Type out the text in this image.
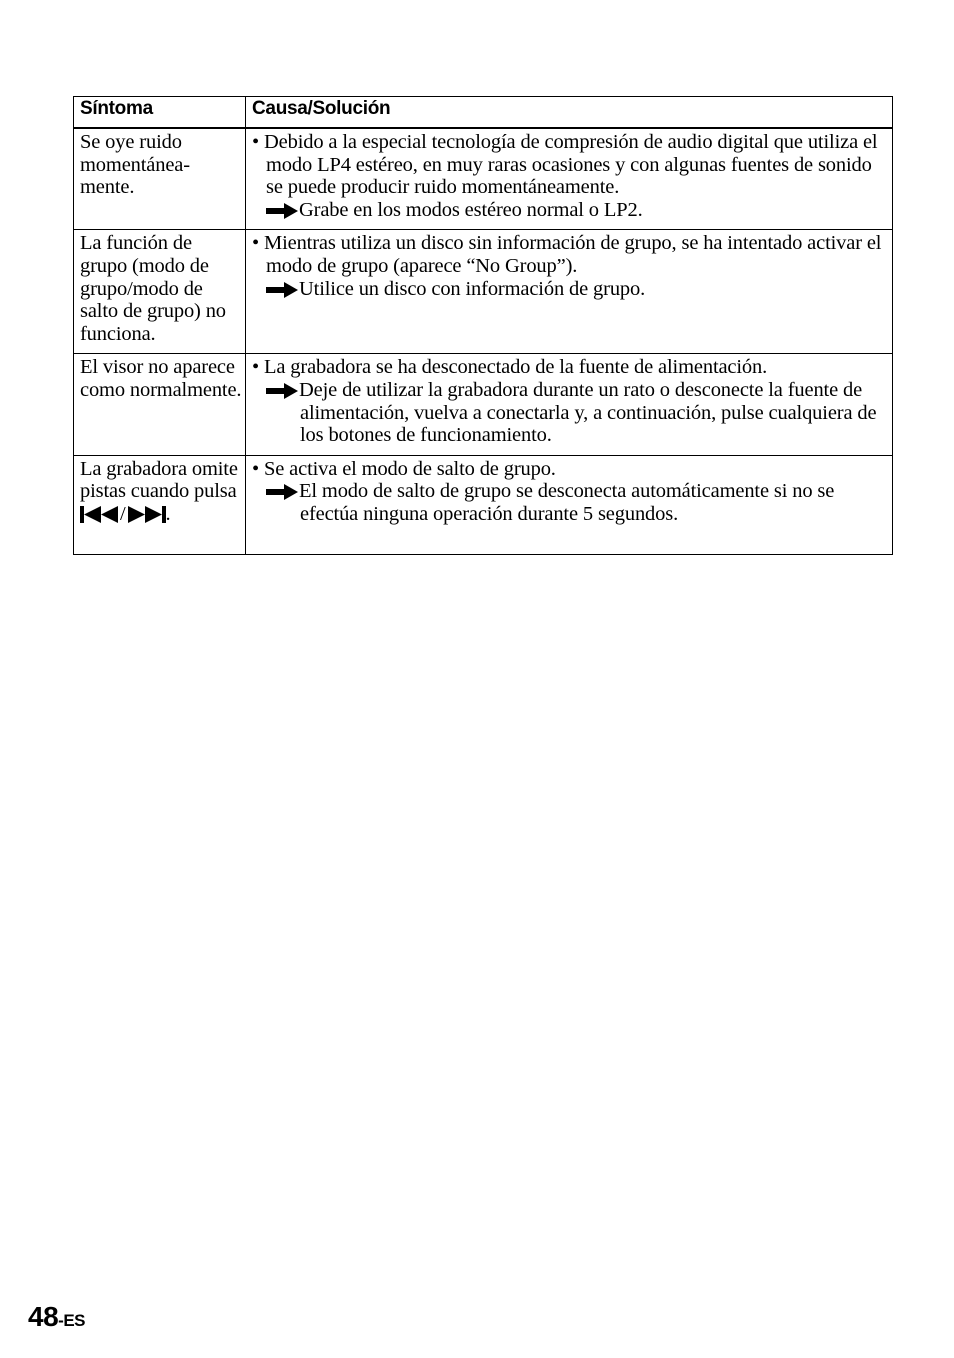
Síntoma	Causa/Solución
Se oye ruido momentánea-mente.	• Debido a la especial tecnología de compresión de audio digital que utiliza el modo LP4 estéreo, en muy raras ocasiones y con algunas fuentes de sonido se puede producir ruido momentáneamente.
Grabe en los modos estéreo normal o LP2.

La función de grupo (modo de grupo/modo de salto de grupo) no funciona.	• Mientras utiliza un disco sin información de grupo, se ha intentado activar el modo de grupo (aparece “No Group”).
Utilice un disco con información de grupo.

El visor no aparece como normalmente.	• La grabadora se ha desconectado de la fuente de alimentación.
Deje de utilizar la grabadora durante un rato o desconecte la fuente de alimentación, vuelva a conectarla y, a continuación, pulse cualquiera de los botones de funcionamiento.

La grabadora omite pistas cuando pulsa / .	• Se activa el modo de salto de grupo.
El modo de salto de grupo se desconecta automáticamente si no se efectúa ninguna operación durante 5 segundos.
48-ES
